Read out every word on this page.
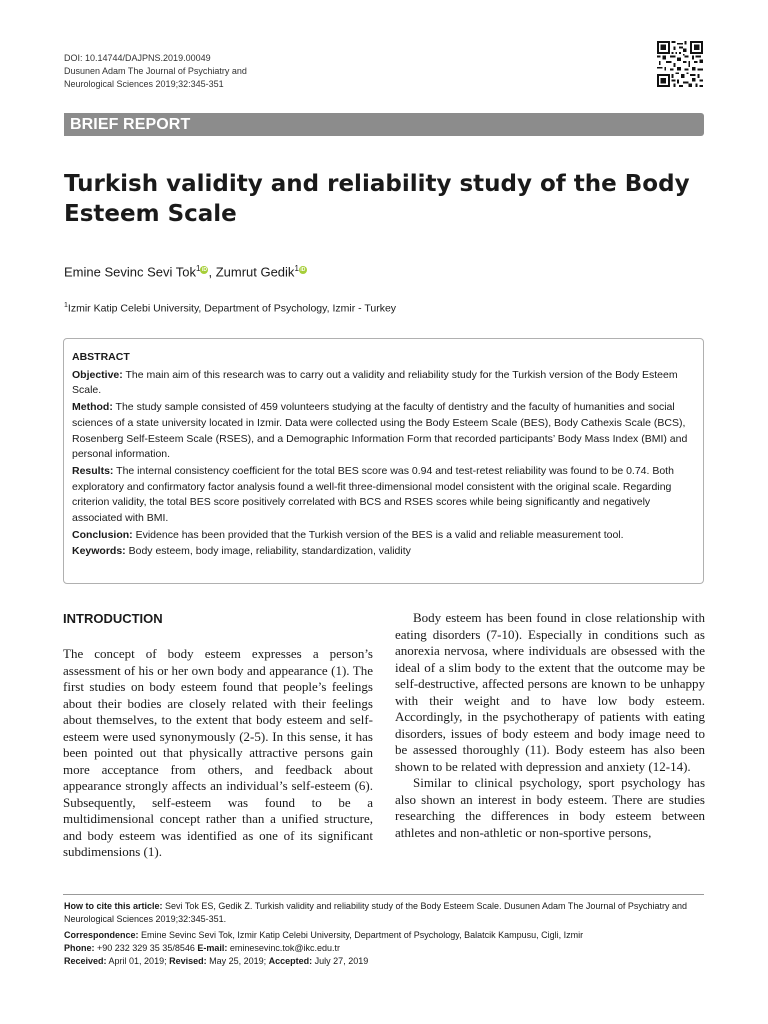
DOI: 10.14744/DAJPNS.2019.00049
Dusunen Adam The Journal of Psychiatry and
Neurological Sciences 2019;32:345-351
BRIEF REPORT
Turkish validity and reliability study of the Body Esteem Scale
Emine Sevinc Sevi Tok$^1$ iD , Zumrut Gedik$^1$ iD
$^1$Izmir Katip Celebi University, Department of Psychology, Izmir - Turkey
ABSTRACT

Objective: The main aim of this research was to carry out a validity and reliability study for the Turkish version of the Body Esteem Scale.

Method: The study sample consisted of 459 volunteers studying at the faculty of dentistry and the faculty of humanities and social sciences of a state university located in Izmir. Data were collected using the Body Esteem Scale (BES), Body Cathexis Scale (BCS), Rosenberg Self-Esteem Scale (RSES), and a Demographic Information Form that recorded participants’ Body Mass Index (BMI) and personal information.

Results: The internal consistency coefficient for the total BES score was 0.94 and test-retest reliability was found to be 0.74. Both exploratory and confirmatory factor analysis found a well-fit three-dimensional model consistent with the original scale. Regarding criterion validity, the total BES score positively correlated with BCS and RSES scores while being significantly and negatively associated with BMI.

Conclusion: Evidence has been provided that the Turkish version of the BES is a valid and reliable measurement tool.

Keywords: Body esteem, body image, reliability, standardization, validity

INTRODUCTION

The concept of body esteem expresses a person’s assessment of his or her own body and appearance (1). The first studies on body esteem found that people’s feelings about their bodies are closely related with their feelings about themselves, to the extent that body esteem and self-esteem were used synonymously (2-5). In this sense, it has been pointed out that physically attractive persons gain more acceptance from others, and feedback about appearance strongly affects an individual’s self-esteem (6). Subsequently, self-esteem was found to be a multidimensional concept rather than a unified structure, and body esteem was identified as one of its significant subdimensions (1).

Body esteem has been found in close relationship with eating disorders (7-10). Especially in conditions such as anorexia nervosa, where individuals are obsessed with the ideal of a slim body to the extent that the outcome may be self-destructive, affected persons are known to be unhappy with their weight and to have low body esteem. Accordingly, in the psychotherapy of patients with eating disorders, issues of body esteem and body image need to be assessed thoroughly (11). Body esteem has also been shown to be related with depression and anxiety (12-14).

Similar to clinical psychology, sport psychology has also shown an interest in body esteem. There are studies researching the differences in body esteem between athletes and non-athletic or non-sportive persons,

How to cite this article: Sevi Tok ES, Gedik Z. Turkish validity and reliability study of the Body Esteem Scale. Dusunen Adam The Journal of Psychiatry and Neurological Sciences 2019;32:345-351.

Correspondence: Emine Sevinc Sevi Tok, Izmir Katip Celebi University, Department of Psychology, Balatcik Kampusu, Cigli, Izmir

Phone: +90 232 329 35 35/8546 E-mail: eminesevinc.tok@ikc.edu.tr

Received: April 01, 2019; Revised: May 25, 2019; Accepted: July 27, 2019
